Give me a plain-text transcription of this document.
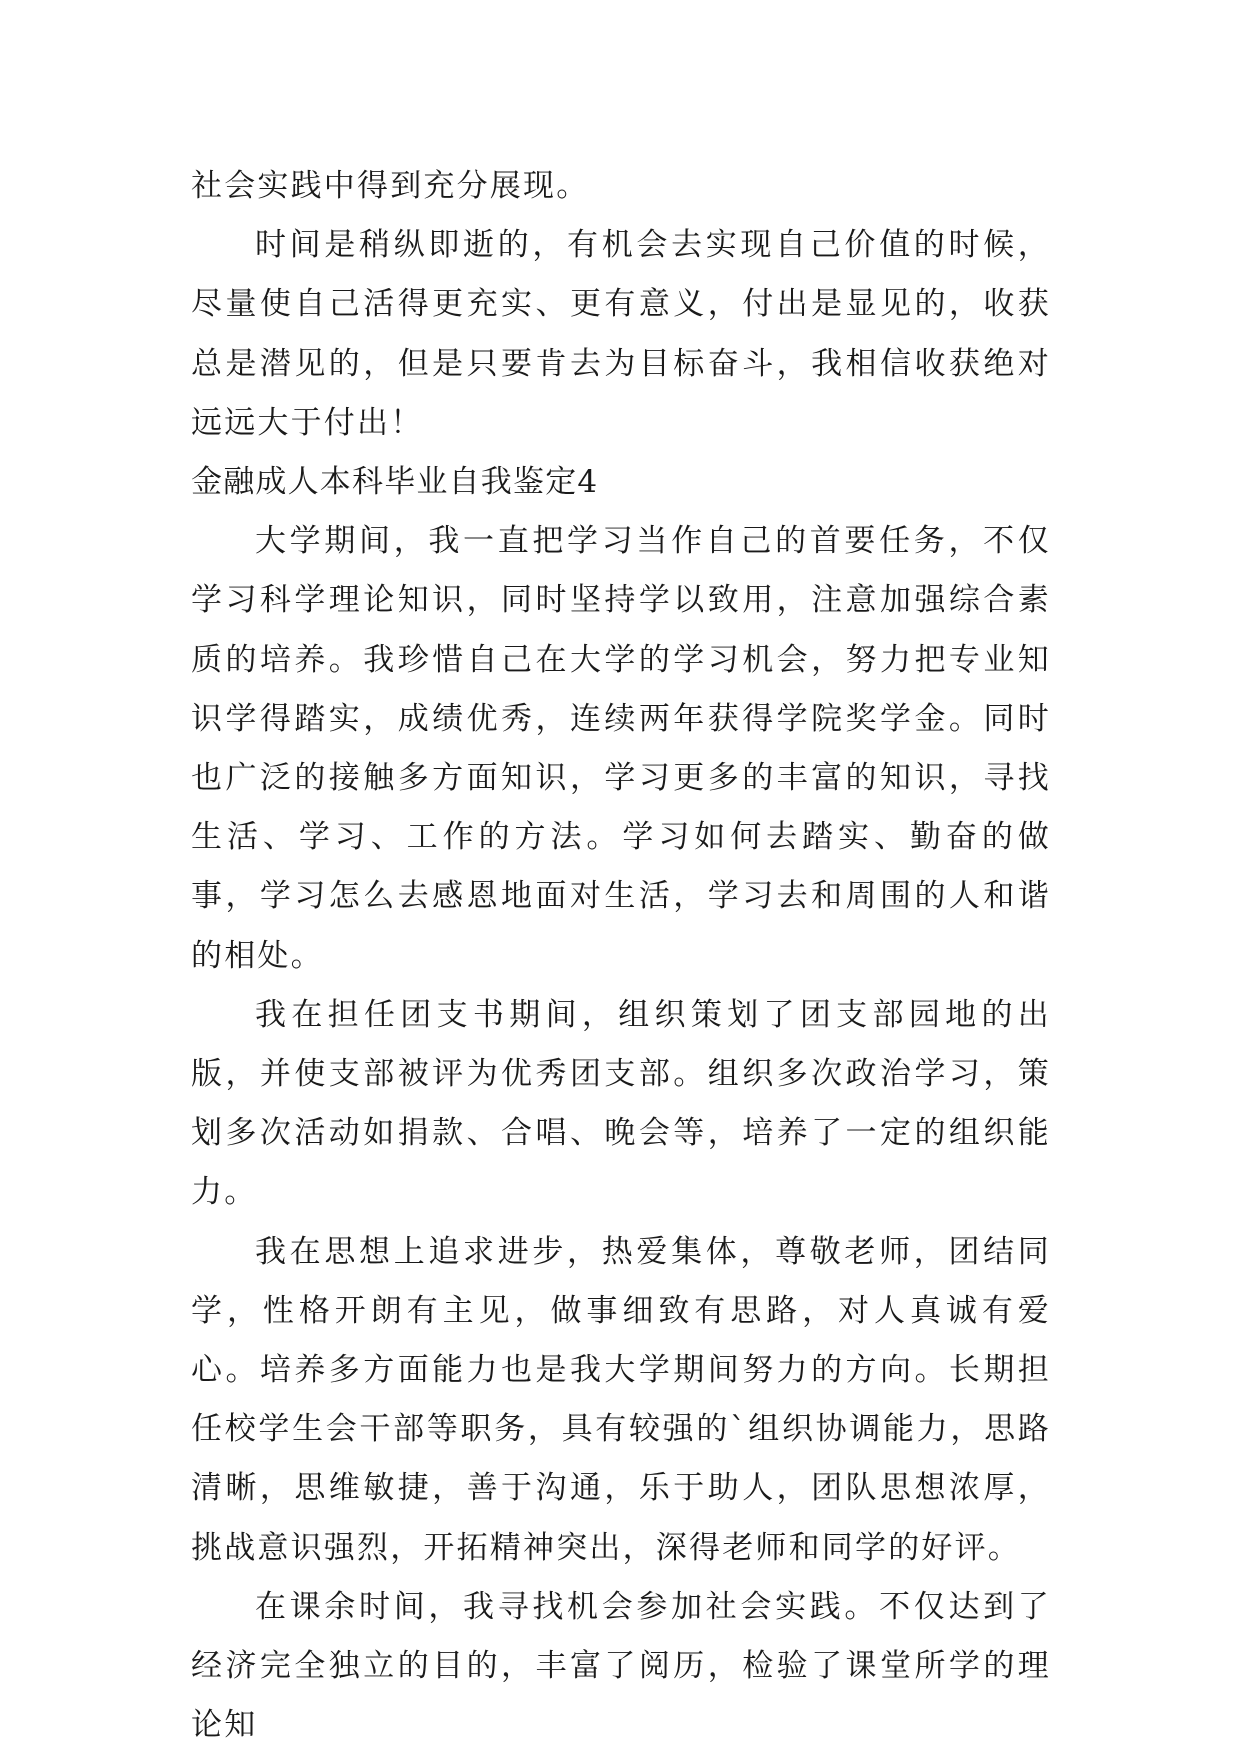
社会实践中得到充分展现。

时间是稍纵即逝的，有机会去实现自己价值的时候，尽量使自己活得更充实、更有意义，付出是显见的，收获总是潜见的，但是只要肯去为目标奋斗，我相信收获绝对远远大于付出！

金融成人本科毕业自我鉴定4

大学期间，我一直把学习当作自己的首要任务，不仅学习科学理论知识，同时坚持学以致用，注意加强综合素质的培养。我珍惜自己在大学的学习机会，努力把专业知识学得踏实，成绩优秀，连续两年获得学院奖学金。同时也广泛的接触多方面知识，学习更多的丰富的知识，寻找生活、学习、工作的方法。学习如何去踏实、勤奋的做事，学习怎么去感恩地面对生活，学习去和周围的人和谐的相处。

我在担任团支书期间，组织策划了团支部园地的出版，并使支部被评为优秀团支部。组织多次政治学习，策划多次活动如捐款、合唱、晚会等，培养了一定的组织能力。

我在思想上追求进步，热爱集体，尊敬老师，团结同学，性格开朗有主见，做事细致有思路，对人真诚有爱心。培养多方面能力也是我大学期间努力的方向。长期担任校学生会干部等职务，具有较强的`组织协调能力，思路清晰，思维敏捷，善于沟通，乐于助人，团队思想浓厚，挑战意识强烈，开拓精神突出，深得老师和同学的好评。

在课余时间，我寻找机会参加社会实践。不仅达到了经济完全独立的目的，丰富了阅历，检验了课堂所学的理论知
